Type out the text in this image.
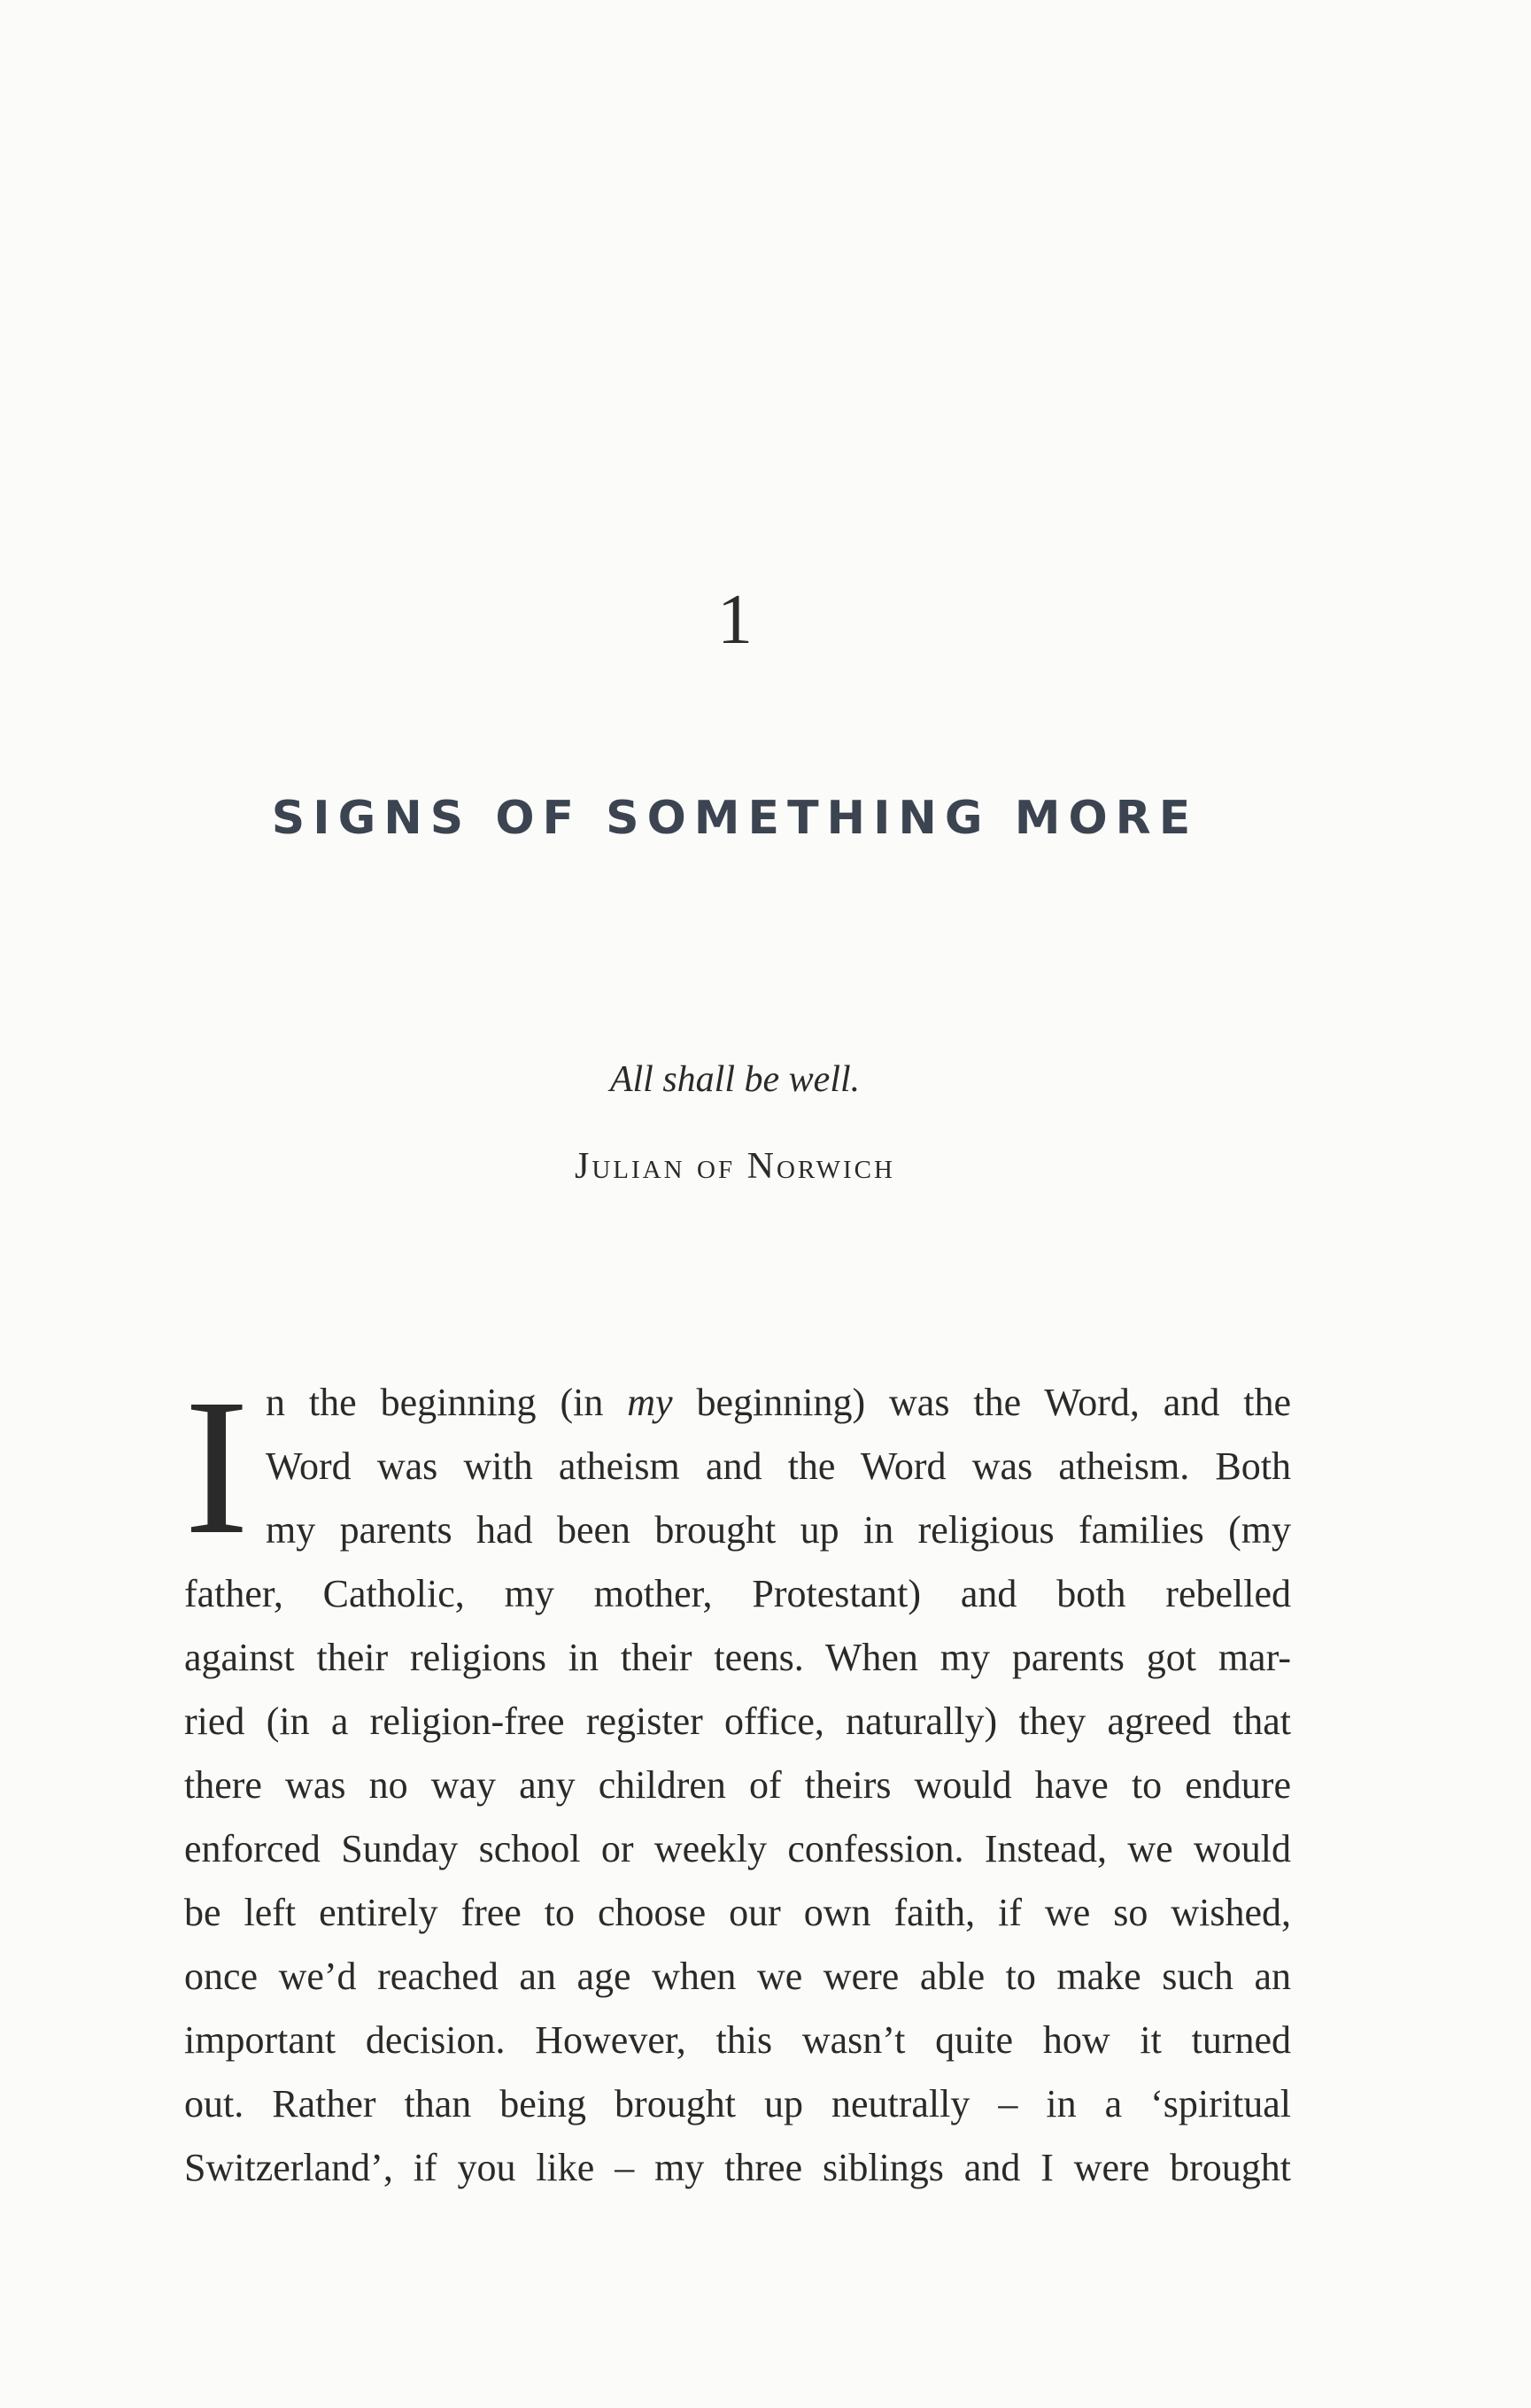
1
SIGNS OF SOMETHING MORE
All shall be well.
Julian of Norwich
I n the beginning (in my beginning) was the Word, and the
Word was with atheism and the Word was atheism. Both
my parents had been brought up in religious families (my
father, Catholic, my mother, Protestant) and both rebelled
against their religions in their teens. When my parents got mar-
ried (in a religion-free register office, naturally) they agreed that
there was no way any children of theirs would have to endure
enforced Sunday school or weekly confession. Instead, we would
be left entirely free to choose our own faith, if we so wished,
once we’d reached an age when we were able to make such an
important decision. However, this wasn’t quite how it turned
out. Rather than being brought up neutrally – in a ‘spiritual
Switzerland’, if you like – my three siblings and I were brought
